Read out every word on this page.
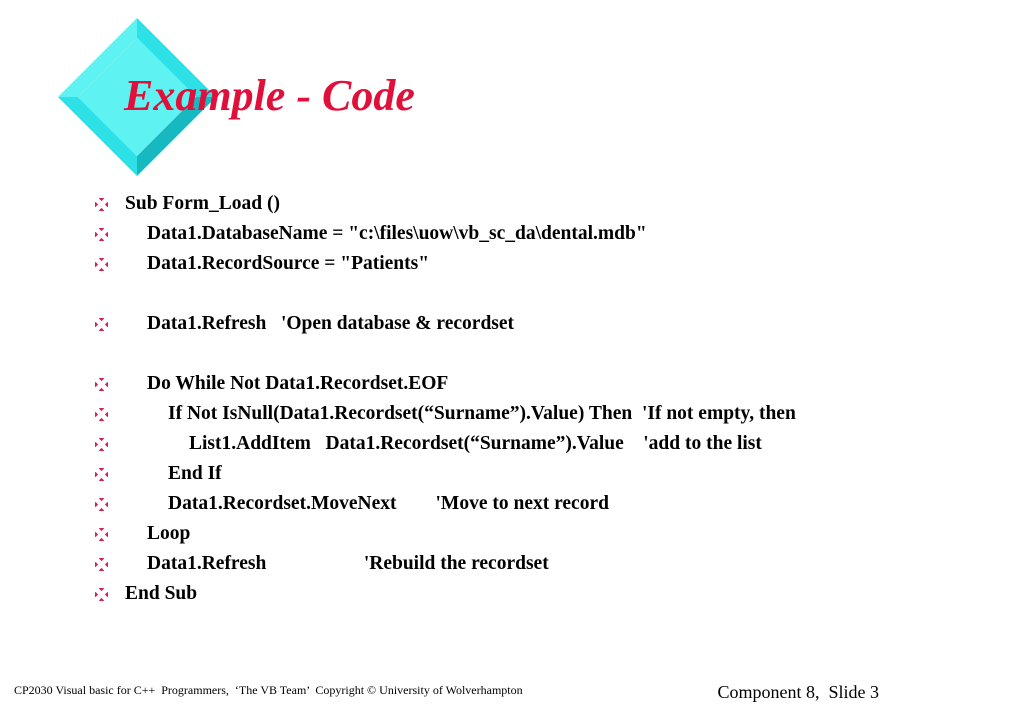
Example - Code
Sub Form_Load ()
Data1.DatabaseName = "c:\files\uow\vb_sc_da\dental.mdb"
Data1.RecordSource = "Patients"
Data1.Refresh   'Open database & recordset
Do While Not Data1.Recordset.EOF
If Not IsNull(Data1.Recordset(“Surname”).Value) Then  'If not empty, then
List1.AddItem   Data1.Recordset(“Surname”).Value    'add to the list
End If
Data1.Recordset.MoveNext        'Move to next record
Loop
Data1.Refresh                    'Rebuild the recordset
End Sub
CP2030 Visual basic for C++  Programmers,  ‘The VB Team’  Copyright © University of Wolverhampton	Component 8,  Slide 3
